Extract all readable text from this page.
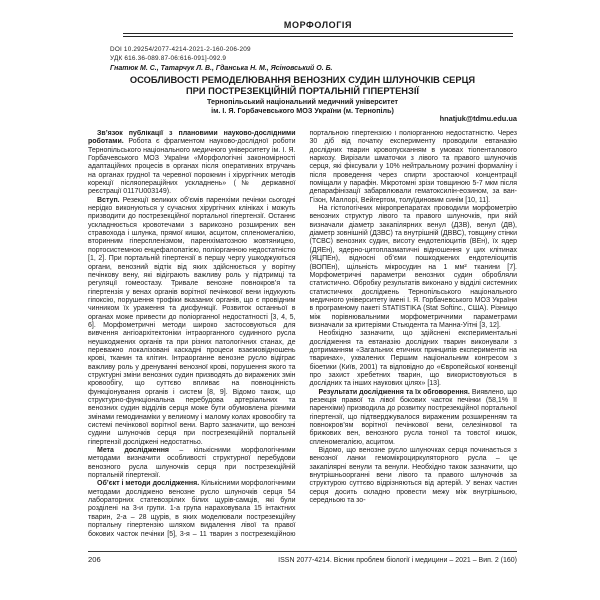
МОРФОЛОГІЯ
DOI 10.29254/2077-4214-2021-2-160-206-209
УДК 616.36-089.87-06:616-091]-092.9
Гнатюк М. С., Татарчук Л. В., Гданська Н. М., Ясіновський О. Б.
ОСОБЛИВОСТІ РЕМОДЕЛЮВАННЯ ВЕНОЗНИХ СУДИН ШЛУНОЧКІВ СЕРЦЯ
ПРИ ПОСТРЕЗЕКЦІЙНІЙ ПОРТАЛЬНІЙ ГІПЕРТЕНЗІЇ
Тернопільський національний медичний університет
ім. І. Я. Горбачевського МОЗ України (м. Тернопіль)
hnatjuk@tdmu.edu.ua

Зв’язок публікації з плановими науково-дослідними роботами. Робота є фрагментом науково-дослідної роботи Тернопільського національного медичного університету ім. І. Я. Горбачевського МОЗ України «Морфологічні закономірності адаптаційних процесів в органах після оперативних втручань на органах грудної та черевної порожнин і хірургічних методів корекції післяопераційних ускладнень» (№ державної реєстрації 0117U003149).

Вступ. Резекції великих об’ємів паренхіми печінки сьогодні нерідко виконуються у сучасних хірургічних клініках і можуть призводити до пострезекційної портальної гіпертензії. Останнє ускладнюється кровотечами з варикозно розширених вен стравохода і шлунка, прямої кишки, асцитом, спленомегалією, вторинним гіперспленізмом, паренхіматозною жовтяницею, портосистемною енцефалопатією, поліорганною недостатністю [1, 2]. При портальній гіпертензії в першу чергу ушкоджуються органи, венозний відтік від яких здійснюється у ворітну печінкову вену, які відіграють важливу роль у підтримці та регуляції гомеостазу. Тривале венозне повнокров’я та гіпертензія у венах органів ворітної печінкової вени індукують гіпоксію, порушення трофіки вказаних органів, що є провідним чинником їх ураження та дисфункції. Розвиток останньої в органах може привести до поліорганної недостатності [3, 4, 5, 6]. Морфометричні методи широко застосовуються для вивчення ангіоархітектоніки інтраорганного судинного русла неушкоджених органів та при різних патологічних станах, де переважно локалізовані каскадні процеси взаємовідношень крові, тканин та клітин. Інтраорганне венозне русло відіграє важливу роль у дренуванні венозної крові, порушення якого та структурні зміни венозних судин призводять до виражених змін кровообігу, що суттєво впливає на повноцінність функціонування органів і систем [8, 9]. Відомо також, що структурно-функціональна перебудова артеріальних та венозних судин відділів серця може бути обумовлена різними змінами гемодинаміки у великому і малому колах кровообігу та системі печінкової ворітної вени. Варто зазначити, що венозні судини шлуночків серця при пострезекційній портальній гіпертензії досліджені недостатньо.

Мета дослідження – кількісними морфологічними методами визначити особливості структурної перебудови венозного русла шлуночків серця при пострезекційній портальній гіпертензії.

Об’єкт і методи дослідження. Кількісними морфологічними методами досліджено венозне русло шлуночків серця 54 лабораторних статевозрілих білих щурів-самців, які були розділені на 3-и групи. 1-а група нараховувала 15 інтактних тварин, 2-а – 28 щурів, в яких моделювали пострезекційну портальну гіпертензію шляхом видалення лівої та правої бокових часток печінки [5], 3-я – 11 тварин з пострезекційною портальною гіпертензією і поліорганною недостатністю. Через 30 діб від початку експерименту проводили евтаназію дослідних тварин кровопусканням в умовах тіопенталового наркозу. Вирізали шматочки з лівого та правого шлуночків серця, які фіксували у 10% нейтральному розчині формаліну і після проведення через спирти зростаючої концентрації поміщали у парафін. Мікротомні зрізи товщиною 5-7 мкм після депарафінізації забарвлювали гематоксилін-еозином, за ван-Гізон, Маллорі, Вейгертом, толуїдиновим синім [10, 11].

На гістологічних мікропрепаратах проводили морфометрію венозних структур лівого та правого шлуночків, при якій визначали діаметр закапілярних венул (ДЗВ), венул (ДВ), діаметр зовнішній (ДЗВС) та внутрішній (ДВВС), товщину стінки (ТСВС) венозних судин, висоту ендотеліоцитів (ВЕн), їх ядер (ДЯЕн), ядерно-цитоплазматичні відношення у цих клітинах (ЯЦПЕн), відносні об’єми пошкоджених ендотеліоцитів (ВОПЕн), щільність мікросудин на 1 мм² тканини [7]. Морфометричні параметри венозних судин обробляли статистично. Обробку результатів виконано у відділі системних статистичних досліджень Тернопільського національного медичного університету імені І. Я. Горбачевського МОЗ України в програмному пакеті STATISTIKA (Stat Softinc., США). Різницю між порівнювальними морфометричними параметрами визначали за критеріями Стьюдента та Манна-Уітні [3, 12].

Необхідно зазначити, що здійснені експериментальні дослідження та евтаназію дослідних тварин виконували з дотриманням «Загальних етичних принципів експериментів на тваринах», ухвалених Першим національним конгресом з біоетики (Київ, 2001) та відповідно до «Європейської конвенції про захист хребетних тварин, що використовуються в дослідних та інших наукових цілях» [13].

Результати дослідження та їх обговорення. Виявлено, що резекція правої та лівої бокових часток печінки (58,1% її паренхіми) призводила до розвитку пострезекційної портальної гіпертензії, що підтверджувалося вираженим розширенням та повнокров’ям ворітної печінкової вени, селезінкової та брижових вен, венозного русла тонкої та товстої кишок, спленомегалією, асцитом.

Відомо, що венозне русло шлуночках серця починається з венозної ланки гемомікроциркуляторного русла – це закапілярні венули та венули. Необхідно також зазначити, що внутрішньоорганні вени лівого та правого шлуночків за структурою суттєво відрізняються від артерій. У венах частин серця досить складно провести межу між внутрішньою, середньою та зо-

206	ISSN 2077-4214. Вісник проблем біології і медицини – 2021 – Вип. 2 (160)
